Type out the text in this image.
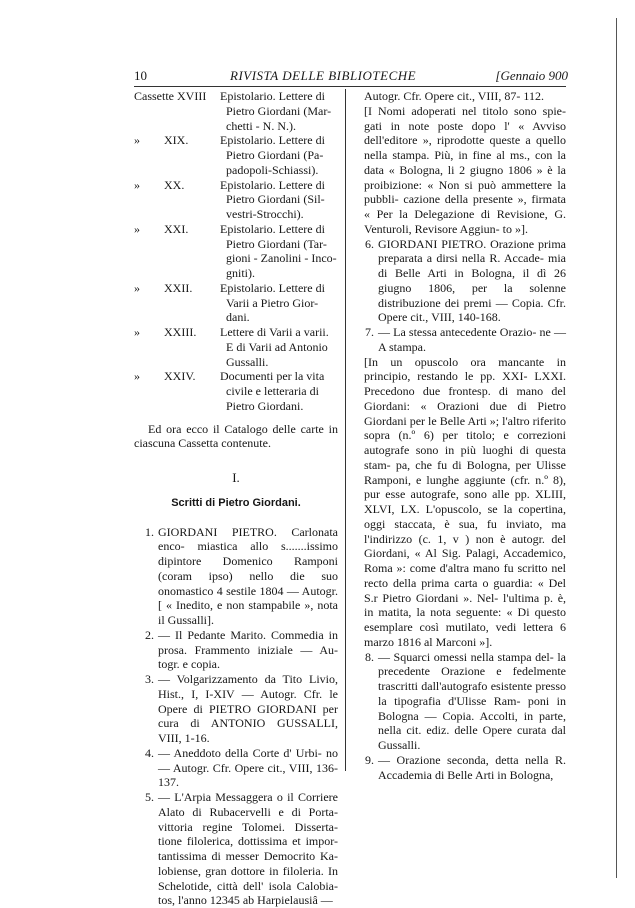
10	RIVISTA DELLE BIBLIOTECHE	[Gennaio 900
Cassette XVIII	Epistolario. Lettere di Pietro Giordani (Mar- chetti - N. N.).
»        XIX.	Epistolario. Lettere di Pietro Giordani (Pa- padopoli-Schiassi).
»        XX.	Epistolario. Lettere di Pietro Giordani (Sil- vestri-Strocchi).
»        XXI.	Epistolario. Lettere di Pietro Giordani (Tar- gioni - Zanolini - Inco- gniti).
»        XXII.	Epistolario. Lettere di Varii a Pietro Gior- dani.
»        XXIII.	Lettere di Varii a varii. E di Varii ad Antonio Gussalli.
»        XXIV.	Documenti per la vita civile e letteraria di Pietro Giordani.
Ed ora ecco il Catalogo delle carte in ciascuna Cassetta contenute.
I.
Scritti di Pietro Giordani.
1. GIORDANI PIETRO. Carlonata enco- miastica allo s.......issimo dipintore Domenico Ramponi (coram ipso) nello die suo onomastico 4 sestile 1804 — Autogr. [ « Inedito, e non stampabile », nota il Gussalli].
2. — Il Pedante Marito. Commedia in prosa. Frammento iniziale — Au- togr. e copia.
3. — Volgarizzamento da Tito Livio, Hist., I, I-XIV — Autogr. Cfr. le Opere di PIETRO GIORDANI per cura di ANTONIO GUSSALLI, VIII, 1-16.
4. — Aneddoto della Corte d' Urbi- no — Autogr. Cfr. Opere cit., VIII, 136-137.
5. — L'Arpia Messaggera o il Corriere Alato di Rubacervelli e di Porta- vittoria regine Tolomei. Disserta- tione filolerica, dottissima et impor- tantissima di messer Democrito Ka- lobiense, gran dottore in filoleria. In Schelotide, città dell' isola Calobia- tos, l'anno 12345 ab Harpielausiâ —
Autogr. Cfr. Opere cit., VIII, 87- 112.
[I Nomi adoperati nel titolo sono spie- gati in note poste dopo l' « Avviso dell'editore », riprodotte queste a quello nella stampa. Più, in fine al ms., con la data « Bologna, li 2 giugno 1806 » è la proibizione: « Non si può ammettere la pubbli- cazione della presente », firmata « Per la Delegazione di Revisione, G. Venturoli, Revisore Aggiun- to »].
6. GIORDANI PIETRO. Orazione prima preparata a dirsi nella R. Accade- mia di Belle Arti in Bologna, il dì 26 giugno 1806, per la solenne distribuzione dei premi — Copia. Cfr. Opere cit., VIII, 140-168.
7. — La stessa antecedente Orazio- ne — A stampa.
[In un opuscolo ora mancante in principio, restando le pp. XXI- LXXI. Precedono due frontesp. di mano del Giordani: « Orazioni due di Pietro Giordani per le Belle Arti »; l'altro riferito sopra (n.º 6) per titolo; e correzioni autografe sono in più luoghi di questa stam- pa, che fu di Bologna, per Ulisse Ramponi, e lunghe aggiunte (cfr. n.º 8), pur esse autografe, sono alle pp. XLIII, XLVI, LX. L'opuscolo, se la copertina, oggi staccata, è sua, fu inviato, ma l'indirizzo (c. 1, v ) non è autogr. del Giordani, « Al Sig. Palagi, Accademico, Roma »: come d'altra mano fu scritto nel recto della prima carta o guardia: « Del S.r Pietro Giordani ». Nel- l'ultima p. è, in matita, la nota seguente: « Di questo esemplare così mutilato, vedi lettera 6 marzo 1816 al Marconi »].
8. — Squarci omessi nella stampa del- la precedente Orazione e fedelmente trascritti dall'autografo esistente presso la tipografia d'Ulisse Ram- poni in Bologna — Copia. Accolti, in parte, nella cit. ediz. delle Opere curata dal Gussalli.
9. — Orazione seconda, detta nella R. Accademia di Belle Arti in Bologna,
